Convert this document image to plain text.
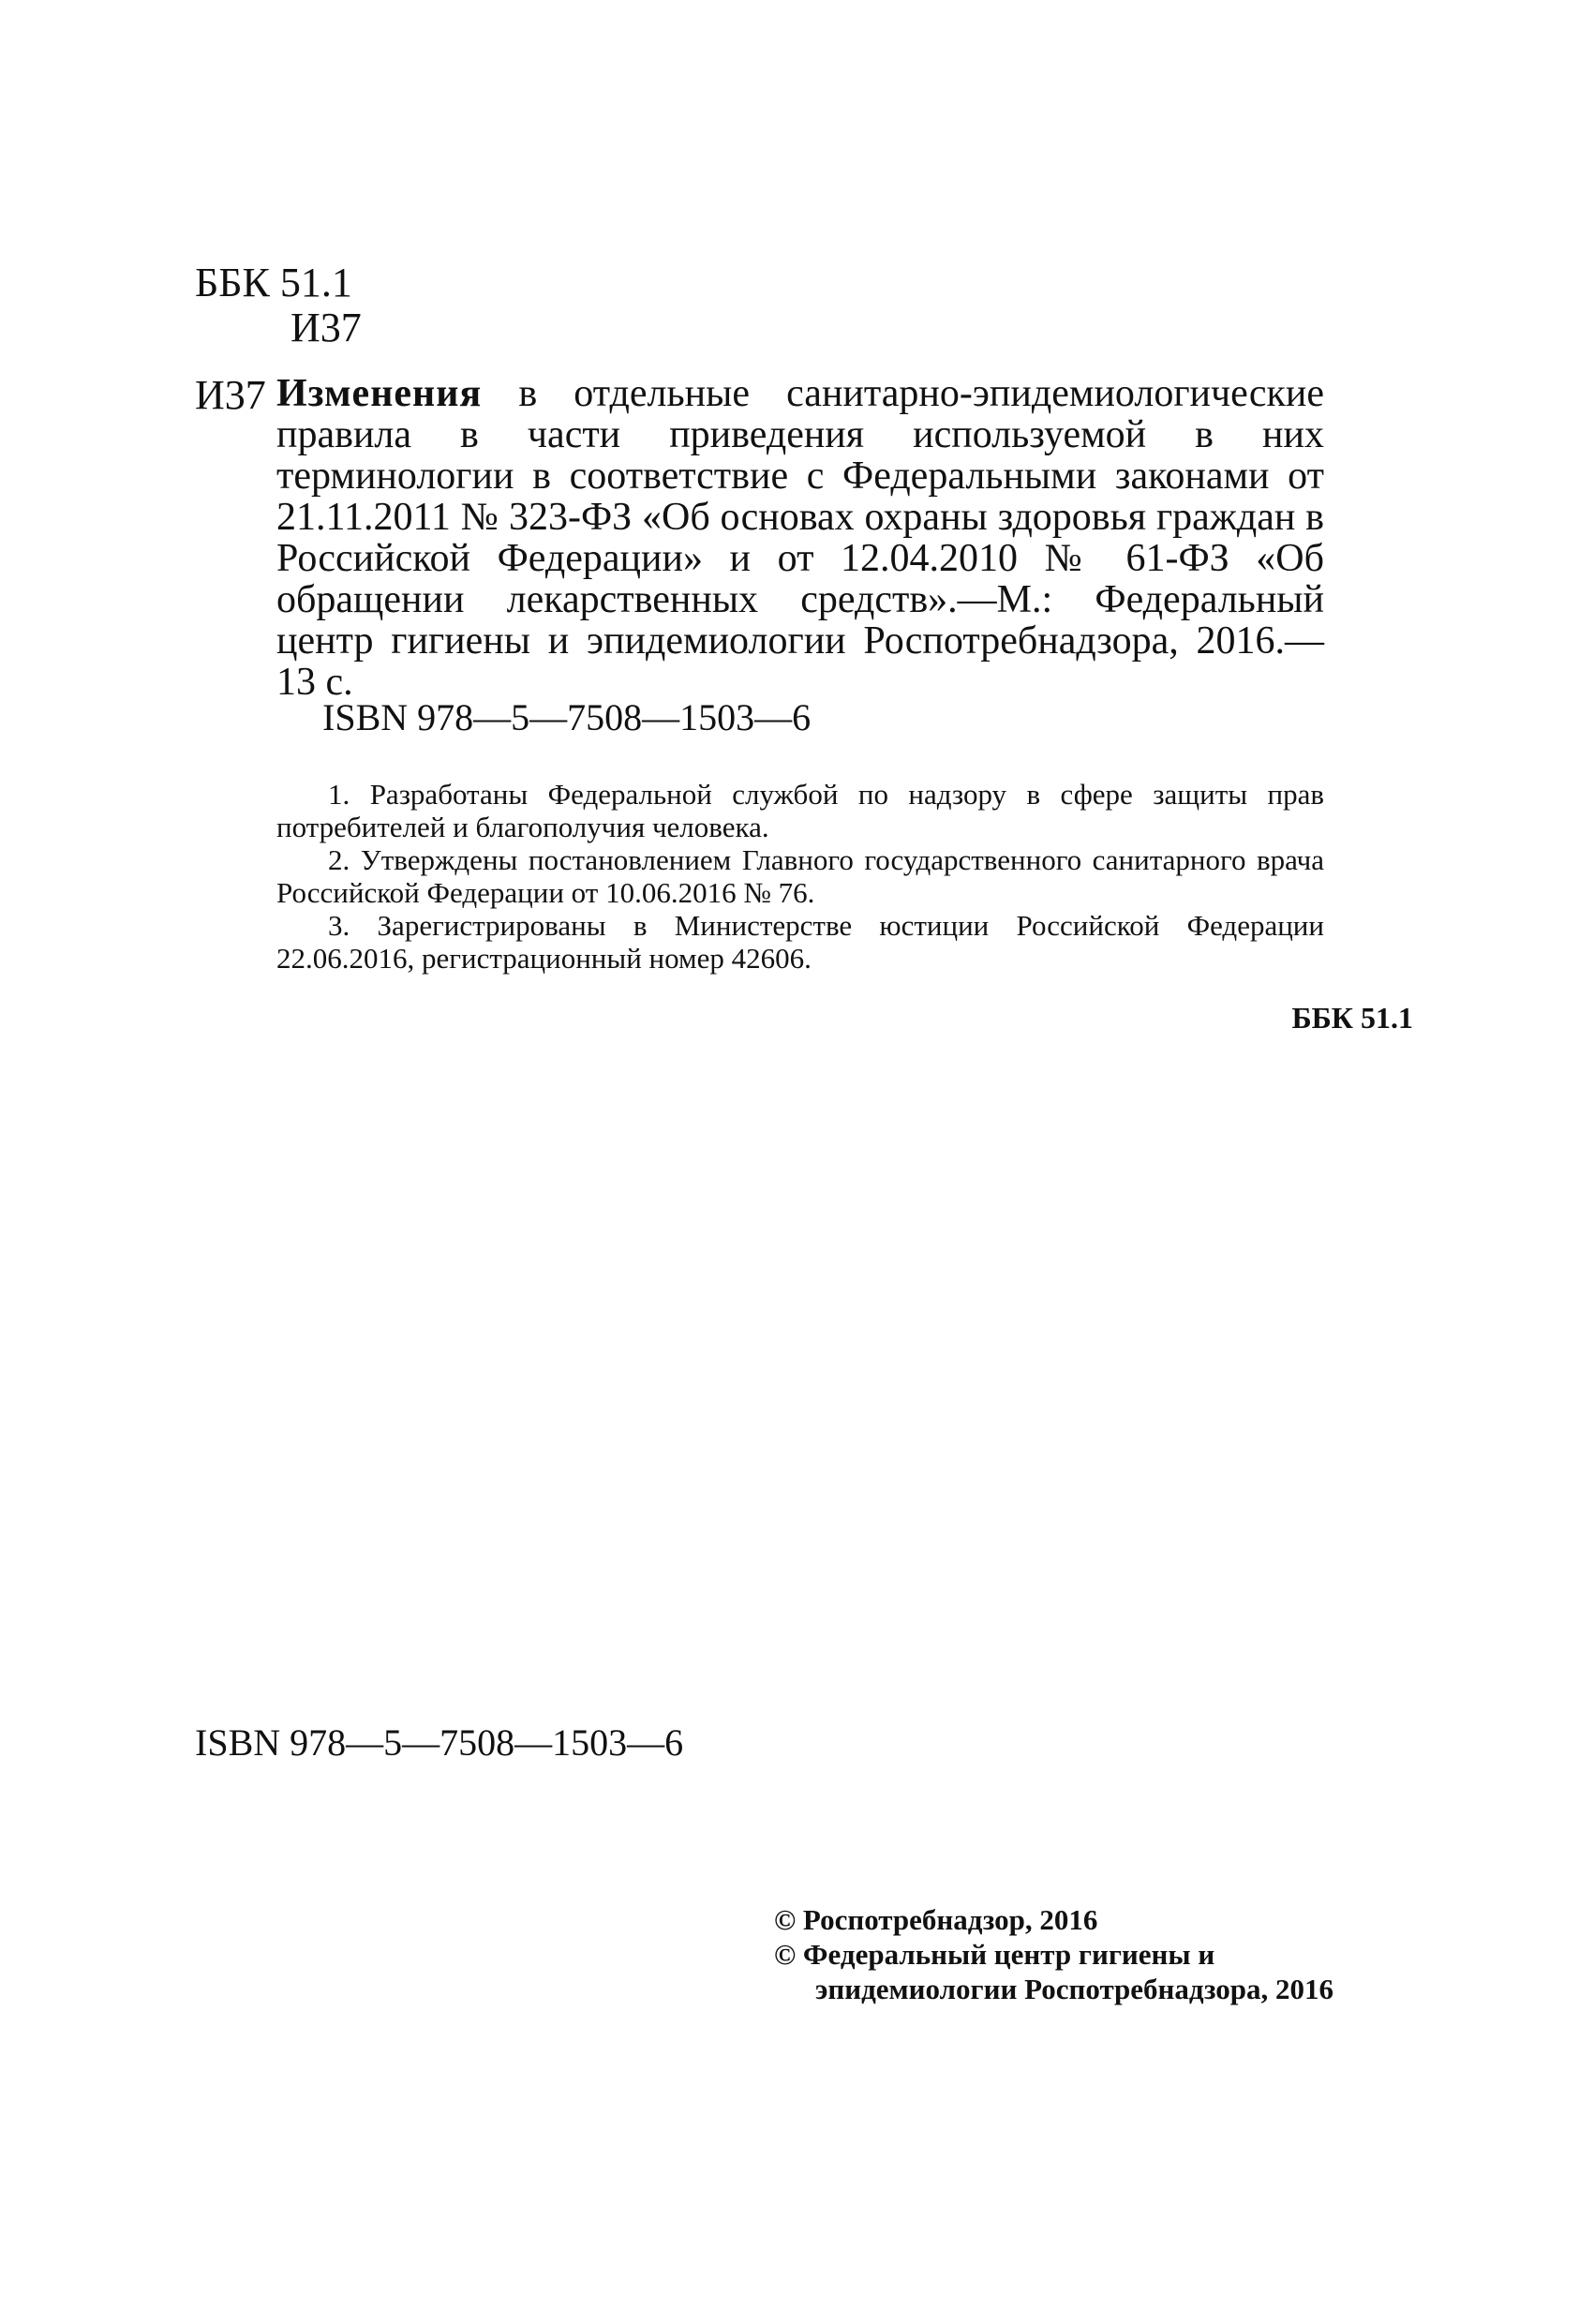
ББК 51.1
И37
И37 Изменения в отдельные санитарно-эпидемиологические правила в части приведения используемой в них терминологии в соответствие с Федеральными законами от 21.11.2011 № 323-ФЗ «Об основах охраны здоровья граждан в Российской Федерации» и от 12.04.2010 № 61-ФЗ «Об обращении лекарственных средств».—М.: Федеральный центр гигиены и эпидемиологии Роспотребнадзора, 2016.—13 с.
ISBN 978—5—7508—1503—6

1. Разработаны Федеральной службой по надзору в сфере защиты прав потребителей и благополучия человека.

2. Утверждены постановлением Главного государственного санитарного врача Российской Федерации от 10.06.2016 № 76.

3. Зарегистрированы в Министерстве юстиции Российской Федерации 22.06.2016, регистрационный номер 42606.

ББК 51.1
ISBN 978—5—7508—1503—6
© Роспотребнадзор, 2016
© Федеральный центр гигиены и
эпидемиологии Роспотребнадзора, 2016
